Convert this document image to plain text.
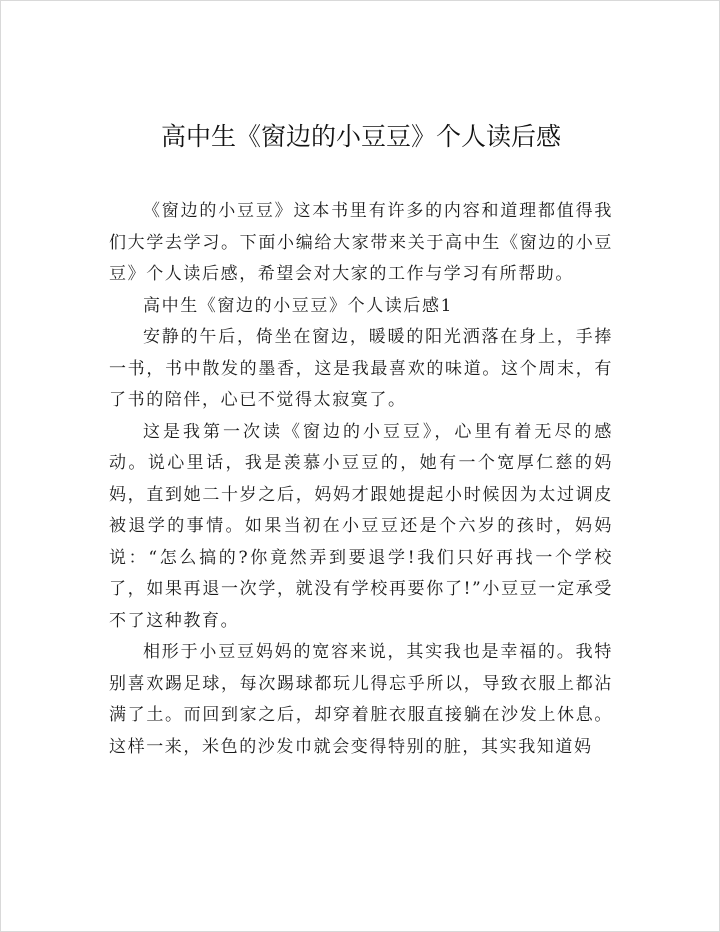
高中生《窗边的小豆豆》个人读后感

《窗边的小豆豆》这本书里有许多的内容和道理都值得我们大学去学习。下面小编给大家带来关于高中生《窗边的小豆豆》个人读后感，希望会对大家的工作与学习有所帮助。

高中生《窗边的小豆豆》个人读后感1

安静的午后，倚坐在窗边，暖暖的阳光洒落在身上，手捧一书，书中散发的墨香，这是我最喜欢的味道。这个周末，有了书的陪伴，心已不觉得太寂寞了。

这是我第一次读《窗边的小豆豆》，心里有着无尽的感动。说心里话，我是羡慕小豆豆的，她有一个宽厚仁慈的妈妈，直到她二十岁之后，妈妈才跟她提起小时候因为太过调皮被退学的事情。如果当初在小豆豆还是个六岁的孩时，妈妈说：“怎么搞的?你竟然弄到要退学!我们只好再找一个学校了，如果再退一次学，就没有学校再要你了!”小豆豆一定承受不了这种教育。

相形于小豆豆妈妈的宽容来说，其实我也是幸福的。我特别喜欢踢足球，每次踢球都玩儿得忘乎所以，导致衣服上都沾满了土。而回到家之后，却穿着脏衣服直接躺在沙发上休息。这样一来，米色的沙发巾就会变得特别的脏，其实我知道妈
